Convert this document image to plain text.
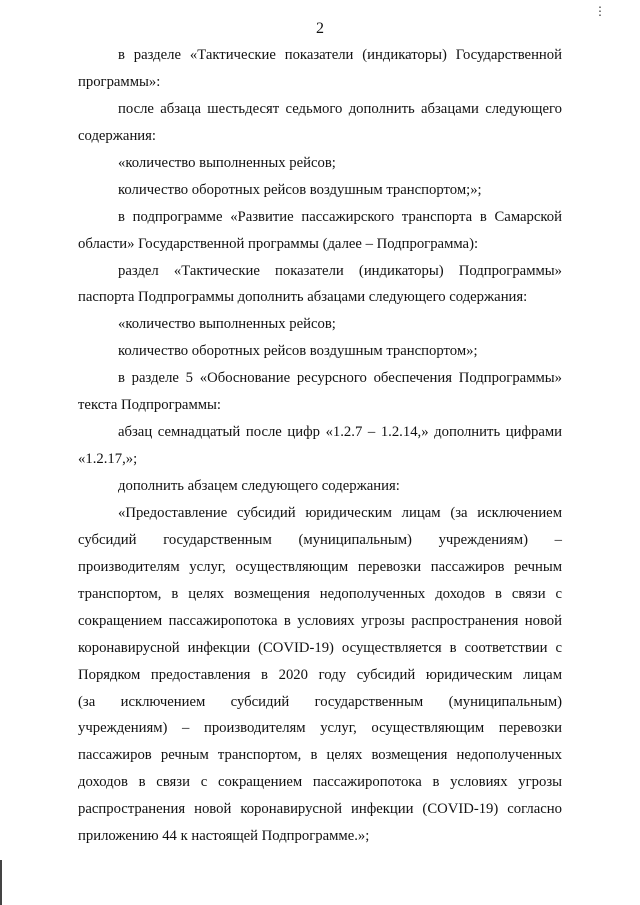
2
⋮
в разделе «Тактические показатели (индикаторы) Государственной
программы»:
после абзаца шестьдесят седьмого дополнить абзацами следующего
содержания:
«количество выполненных рейсов;
количество оборотных рейсов воздушным транспортом;»;
в подпрограмме «Развитие пассажирского транспорта в Самарской
области» Государственной программы (далее – Подпрограмма):
раздел «Тактические показатели (индикаторы) Подпрограммы»
паспорта Подпрограммы дополнить абзацами следующего содержания:
«количество выполненных рейсов;
количество оборотных рейсов воздушным транспортом»;
в разделе 5 «Обоснование ресурсного обеспечения Подпрограммы»
текста Подпрограммы:
абзац семнадцатый после цифр «1.2.7 – 1.2.14,» дополнить цифрами
«1.2.17,»;
дополнить абзацем следующего содержания:
«Предоставление субсидий юридическим лицам (за исключением
субсидий государственным (муниципальным) учреждениям) –
производителям услуг, осуществляющим перевозки пассажиров речным
транспортом, в целях возмещения недополученных доходов в связи с
сокращением пассажиропотока в условиях угрозы распространения новой
коронавирусной инфекции (COVID-19) осуществляется в соответствии с
Порядком предоставления в 2020 году субсидий юридическим лицам
(за исключением субсидий государственным (муниципальным)
учреждениям) – производителям услуг, осуществляющим перевозки
пассажиров речным транспортом, в целях возмещения недополученных
доходов в связи с сокращением пассажиропотока в условиях угрозы
распространения новой коронавирусной инфекции (COVID-19) согласно
приложению 44 к настоящей Подпрограмме.»;
